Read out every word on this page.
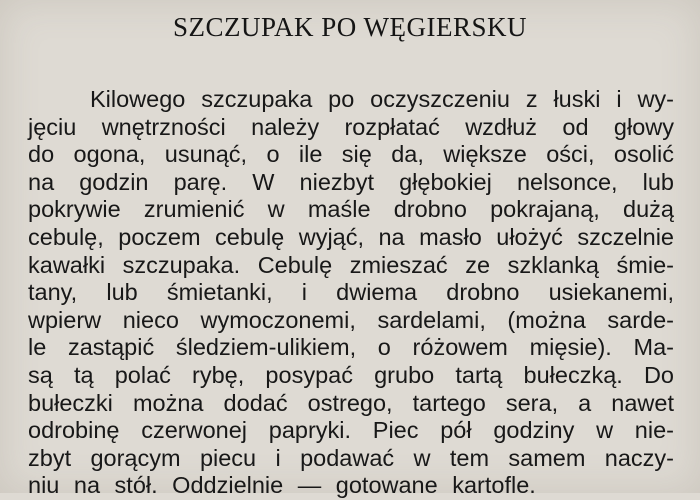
SZCZUPAK PO WĘGIERSKU
Kilowego szczupaka po oczyszczeniu z łuski i wy-
jęciu wnętrzności należy rozpłatać wzdłuż od głowy
do ogona, usunąć, o ile się da, większe ości, osolić
na godzin parę. W niezbyt głębokiej nelsonce, lub
pokrywie zrumienić w maśle drobno pokrajaną, dużą
cebulę, poczem cebulę wyjąć, na masło ułożyć szczelnie
kawałki szczupaka. Cebulę zmieszać ze szklanką śmie-
tany, lub śmietanki, i dwiema drobno usiekanemi,
wpierw nieco wymoczonemi, sardelami, (można sarde-
le zastąpić śledziem-ulikiem, o różowem mięsie). Ma-
są tą polać rybę, posypać grubo tartą bułeczką. Do
bułeczki można dodać ostrego, tartego sera, a nawet
odrobinę czerwonej papryki. Piec pół godziny w nie-
zbyt gorącym piecu i podawać w tem samem naczy-
niu na stół. Oddzielnie — gotowane kartofle.
